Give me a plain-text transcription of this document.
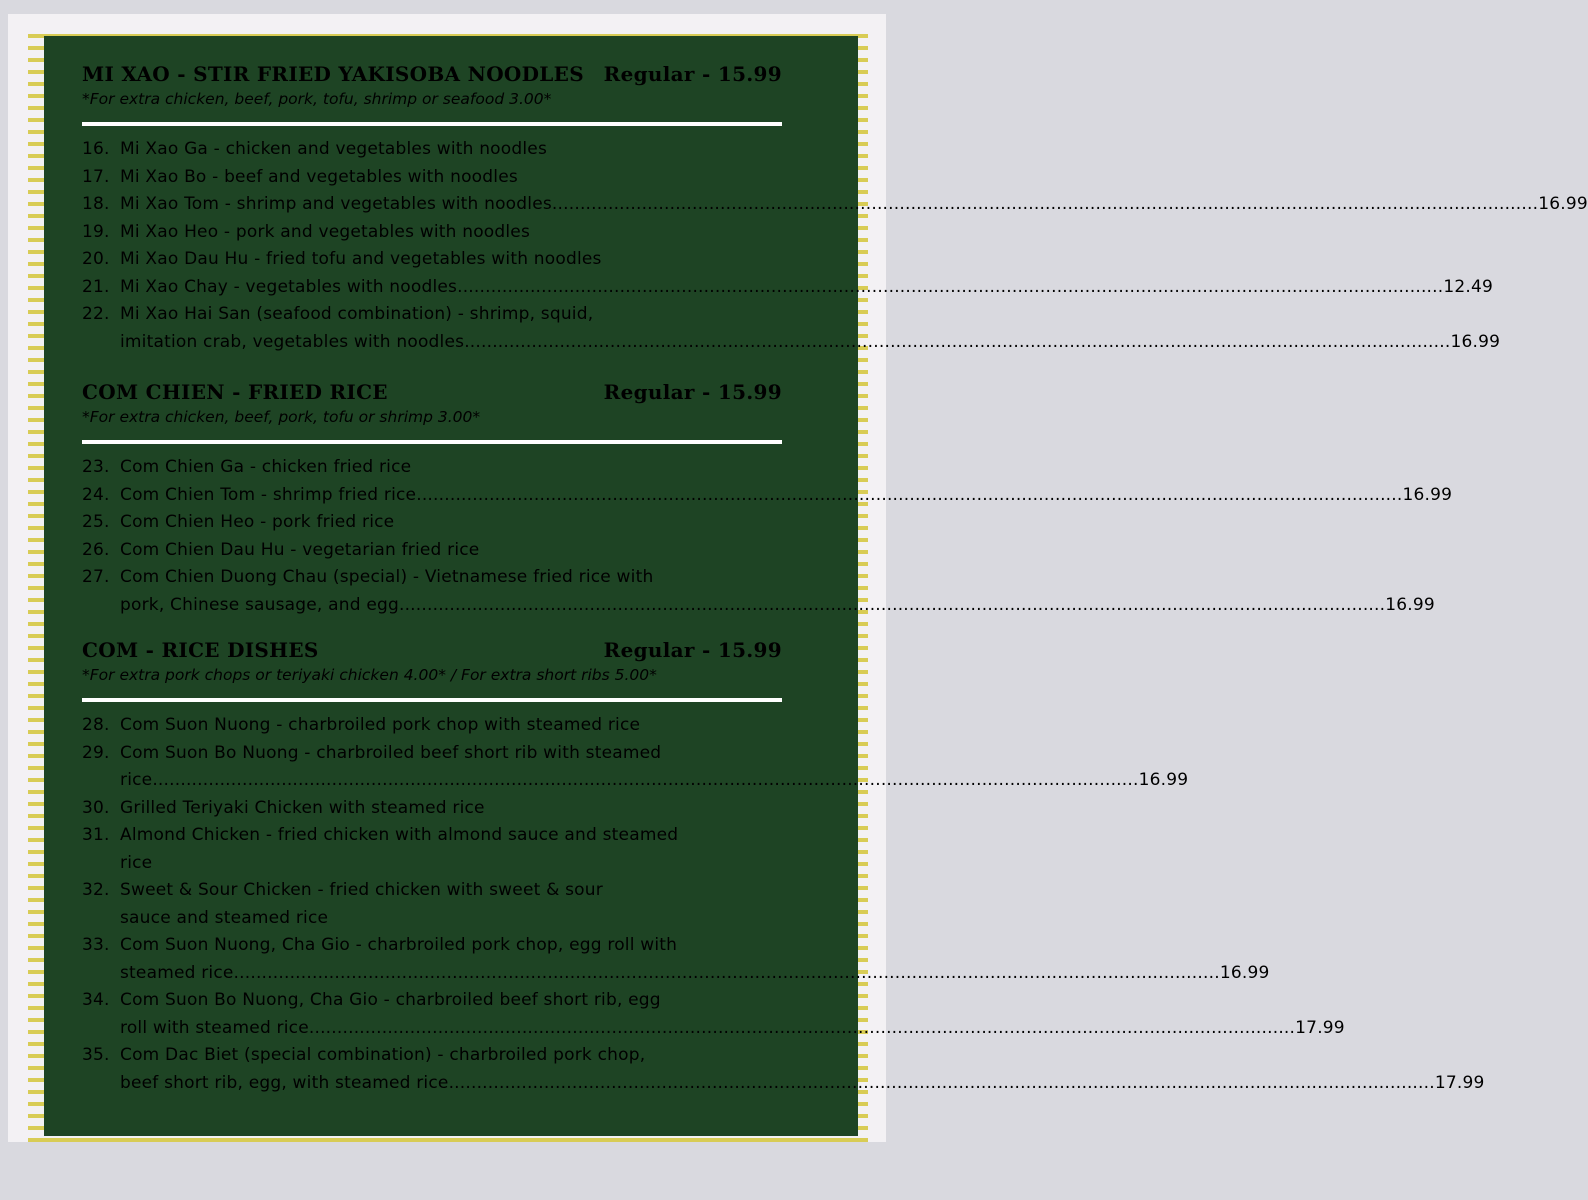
MI XAO - STIR FRIED YAKISOBA NOODLES Regular - 15.99
*For extra chicken, beef, pork, tofu, shrimp or seafood 3.00*
16. Mi Xao Ga - chicken and vegetables with noodles
17. Mi Xao Bo - beef and vegetables with noodles
18. Mi Xao Tom - shrimp and vegetables with noodles .....	16.99
19. Mi Xao Heo - pork and vegetables with noodles
20. Mi Xao Dau Hu - fried tofu and vegetables with noodles
21. Mi Xao Chay - vegetables with noodles .....	12.49
22. Mi Xao Hai San (seafood combination) - shrimp, squid,
imitation crab, vegetables with noodles .....	16.99
COM CHIEN - FRIED RICE	Regular - 15.99
*For extra chicken, beef, pork, tofu or shrimp 3.00*
23. Com Chien Ga - chicken fried rice
24. Com Chien Tom - shrimp fried rice .....	16.99
25. Com Chien Heo - pork fried rice
26. Com Chien Dau Hu - vegetarian fried rice
27. Com Chien Duong Chau (special) - Vietnamese fried rice with
pork, Chinese sausage, and egg .....	16.99
COM - RICE DISHES	Regular - 15.99
*For extra pork chops or teriyaki chicken 4.00* / For extra short ribs 5.00*
28. Com Suon Nuong - charbroiled pork chop with steamed rice
29. Com Suon Bo Nuong - charbroiled beef short rib with steamed
rice .....	16.99
30. Grilled Teriyaki Chicken with steamed rice
31. Almond Chicken - fried chicken with almond sauce and steamed
rice
32. Sweet & Sour Chicken - fried chicken with sweet & sour
sauce and steamed rice
33. Com Suon Nuong, Cha Gio - charbroiled pork chop, egg roll with
steamed rice .....	16.99
34. Com Suon Bo Nuong, Cha Gio - charbroiled beef short rib, egg
roll with steamed rice .....	17.99
35. Com Dac Biet (special combination) - charbroiled pork chop,
beef short rib, egg, with steamed rice .....	17.99
